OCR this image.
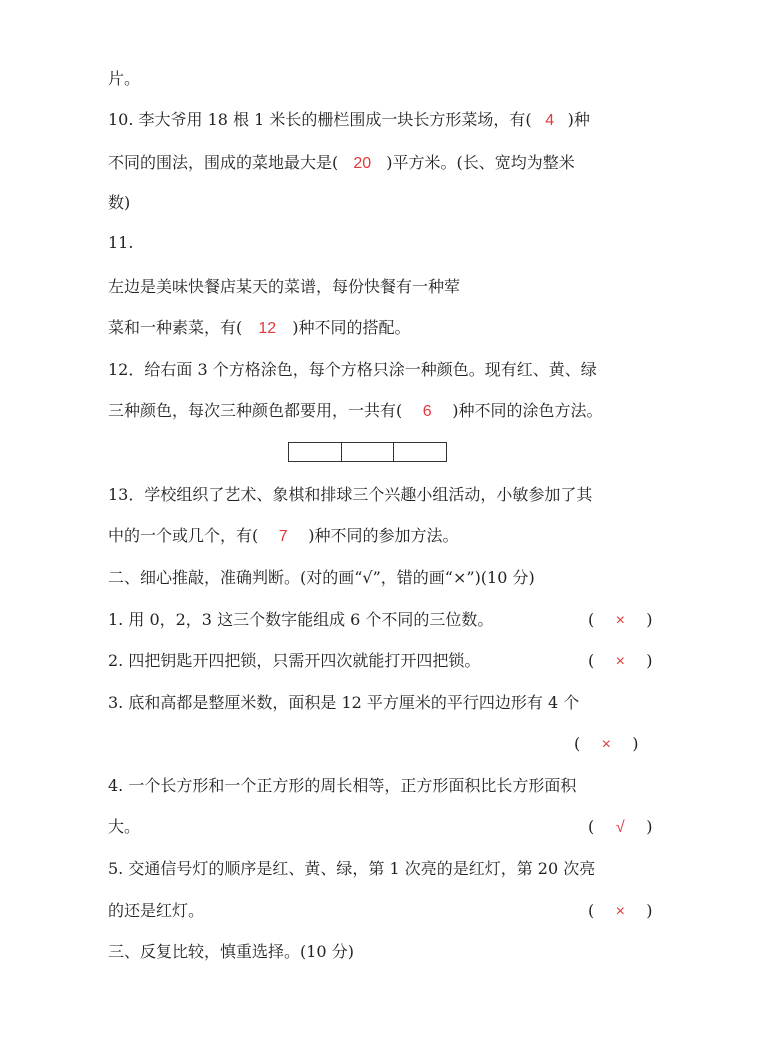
片。
10. 李大爷用 18 根 1 米长的栅栏围成一块长方形菜场，有( 4 )种
不同的围法，围成的菜地最大是( 20 )平方米。(长、宽均为整米
数)
11.
左边是美味快餐店某天的菜谱，每份快餐有一种荤
菜和一种素菜，有( 12 )种不同的搭配。
12．给右面 3 个方格涂色，每个方格只涂一种颜色。现有红、黄、绿
三种颜色，每次三种颜色都要用，一共有( 6 )种不同的涂色方法。
13．学校组织了艺术、象棋和排球三个兴趣小组活动，小敏参加了其
中的一个或几个，有( 7 )种不同的参加方法。
二、细心推敲，准确判断。(对的画“√”，错的画“×”)(10 分)
1. 用 0，2，3 这三个数字能组成 6 个不同的三位数。	( × )
2. 四把钥匙开四把锁，只需开四次就能打开四把锁。	( × )
3. 底和高都是整厘米数，面积是 12 平方厘米的平行四边形有 4 个
( × )
4. 一个长方形和一个正方形的周长相等，正方形面积比长方形面积
大。	( √ )
5. 交通信号灯的顺序是红、黄、绿，第 1 次亮的是红灯，第 20 次亮
的还是红灯。	( × )
三、反复比较，慎重选择。(10 分)
